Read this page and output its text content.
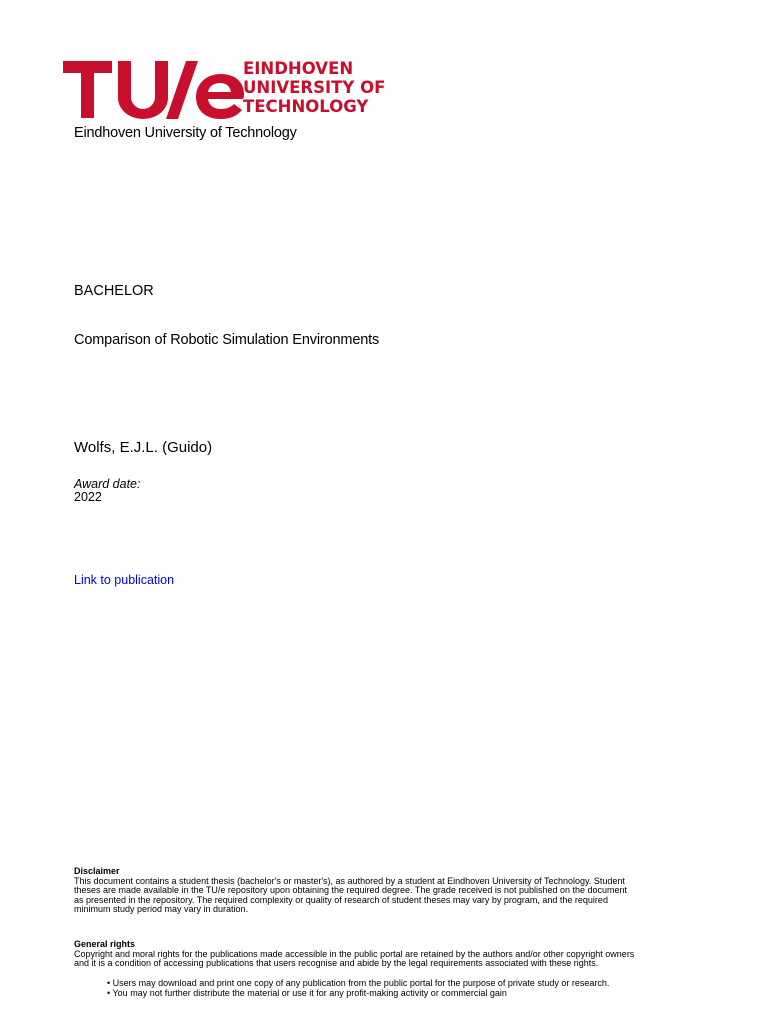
EINDHOVEN
UNIVERSITY OF
TECHNOLOGY
Eindhoven University of Technology
BACHELOR
Comparison of Robotic Simulation Environments
Wolfs, E.J.L. (Guido)
Award date:
2022
Link to publication
Disclaimer
This document contains a student thesis (bachelor's or master's), as authored by a student at Eindhoven University of Technology. Student
theses are made available in the TU/e repository upon obtaining the required degree. The grade received is not published on the document
as presented in the repository. The required complexity or quality of research of student theses may vary by program, and the required
minimum study period may vary in duration.
General rights
Copyright and moral rights for the publications made accessible in the public portal are retained by the authors and/or other copyright owners
and it is a condition of accessing publications that users recognise and abide by the legal requirements associated with these rights.
• Users may download and print one copy of any publication from the public portal for the purpose of private study or research.
• You may not further distribute the material or use it for any profit-making activity or commercial gain
